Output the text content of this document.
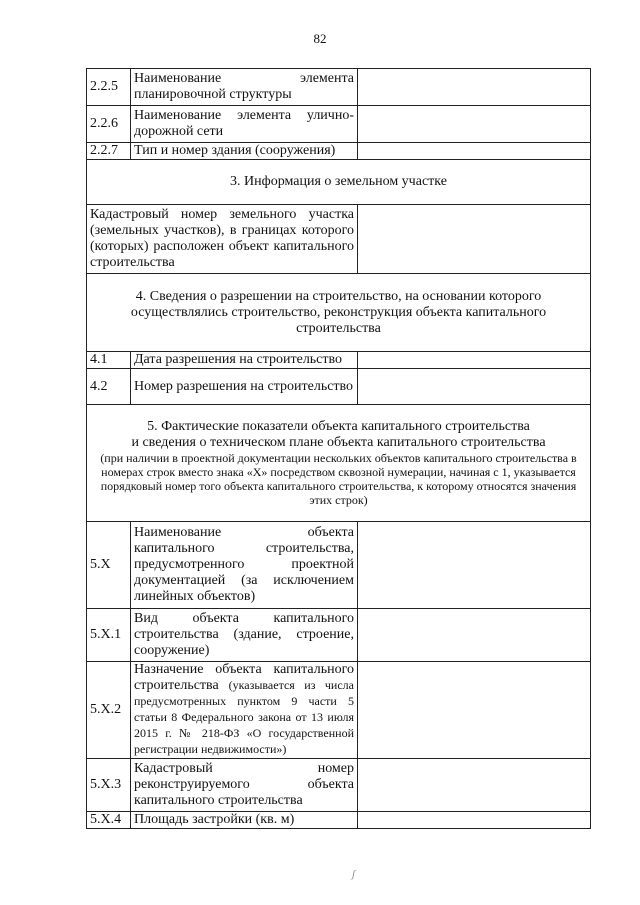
82
2.2.5	Наименование элемента планировочной структуры	
2.2.6	Наименование элемента улично-дорожной сети	
2.2.7	Тип и номер здания (сооружения)	
3. Информация о земельном участке		
Кадастровый номер земельного участка (земельных участков), в границах которого (которых) расположен объект капитального строительства		
4. Сведения о разрешении на строительство, на основании которого осуществлялись строительство, реконструкция объекта капитального строительства		
4.1	Дата разрешения на строительство	
4.2	Номер разрешения на строительство	

5. Фактические показатели объекта капитального строительства
и сведения о техническом плане объекта капитального строительства
(при наличии в проектной документации нескольких объектов капитального строительства в номерах строк вместо знака «Х» посредством сквозной нумерации, начиная с 1, указывается порядковый номер того объекта капитального строительства, к которому относятся значения этих строк)		

5.X	Наименование объекта капитального строительства, предусмотренного проектной документацией (за исключением линейных объектов)	
5.X.1	Вид объекта капитального строительства (здание, строение, сооружение)	
5.X.2	Назначение объекта капитального строительства (указывается из числа предусмотренных пунктом 9 части 5 статьи 8 Федерального закона от 13 июля 2015 г. № 218-ФЗ «О государственной регистрации недвижимости»)	
5.X.3	Кадастровый номер реконструируемого объекта капитального строительства	
5.X.4	Площадь застройки (кв. м)	
ʃ
